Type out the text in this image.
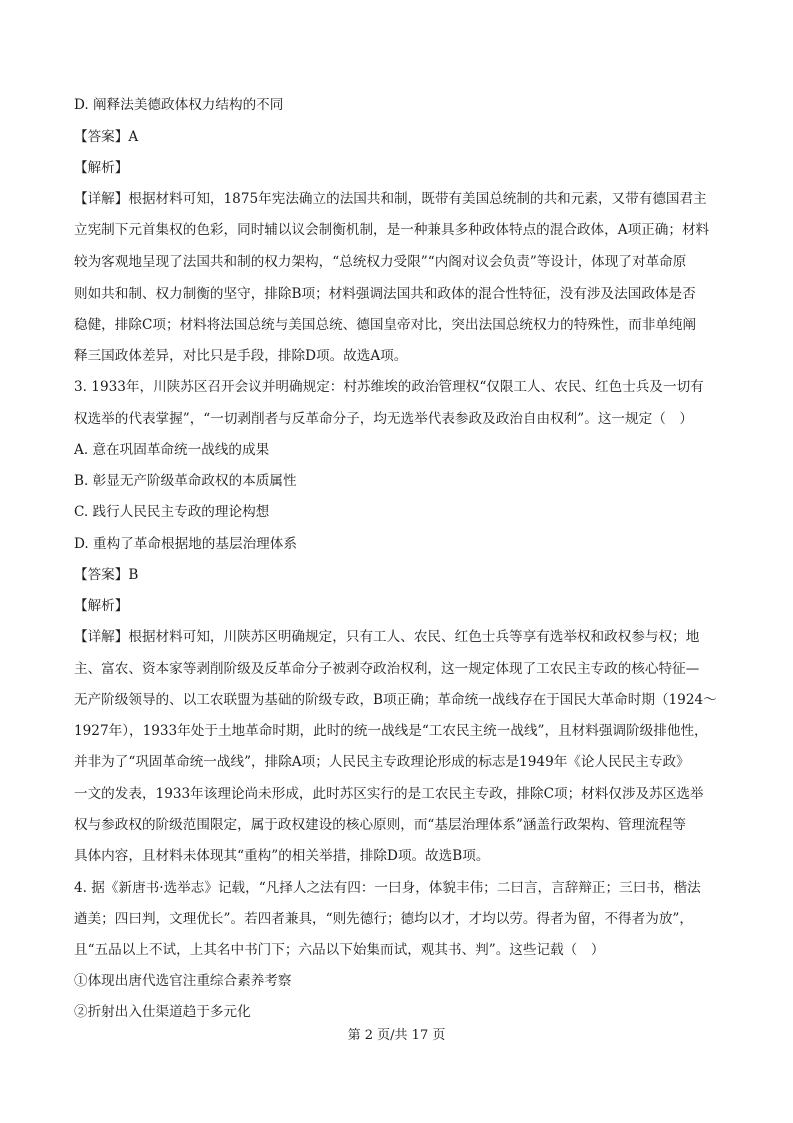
D. 阐释法美德政体权力结构的不同
【答案】A
【解析】
【详解】根据材料可知，1875年宪法确立的法国共和制，既带有美国总统制的共和元素，又带有德国君主
立宪制下元首集权的色彩，同时辅以议会制衡机制，是一种兼具多种政体特点的混合政体，A项正确；材料
较为客观地呈现了法国共和制的权力架构，“总统权力受限”“内阁对议会负责”等设计，体现了对革命原
则如共和制、权力制衡的坚守，排除B项；材料强调法国共和政体的混合性特征，没有涉及法国政体是否
稳健，排除C项；材料将法国总统与美国总统、德国皇帝对比，突出法国总统权力的特殊性，而非单纯阐
释三国政体差异，对比只是手段，排除D项。故选A项。
3. 1933年，川陕苏区召开会议并明确规定：村苏维埃的政治管理权“仅限工人、农民、红色士兵及一切有
权选举的代表掌握”，“一切剥削者与反革命分子，均无选举代表参政及政治自由权利”。这一规定（　）
A. 意在巩固革命统一战线的成果
B. 彰显无产阶级革命政权的本质属性
C. 践行人民民主专政的理论构想
D. 重构了革命根据地的基层治理体系
【答案】B
【解析】
【详解】根据材料可知，川陕苏区明确规定，只有工人、农民、红色士兵等享有选举权和政权参与权；地
主、富农、资本家等剥削阶级及反革命分子被剥夺政治权利，这一规定体现了工农民主专政的核心特征—
无产阶级领导的、以工农联盟为基础的阶级专政，B项正确；革命统一战线存在于国民大革命时期（1924～
1927年），1933年处于土地革命时期，此时的统一战线是“工农民主统一战线”，且材料强调阶级排他性，
并非为了“巩固革命统一战线”，排除A项；人民民主专政理论形成的标志是1949年《论人民民主专政》
一文的发表，1933年该理论尚未形成，此时苏区实行的是工农民主专政，排除C项；材料仅涉及苏区选举
权与参政权的阶级范围限定，属于政权建设的核心原则，而“基层治理体系”涵盖行政架构、管理流程等
具体内容，且材料未体现其“重构”的相关举措，排除D项。故选B项。
4. 据《新唐书·选举志》记载，“凡择人之法有四：一曰身，体貌丰伟；二曰言，言辞辩正；三曰书，楷法
遒美；四曰判，文理优长”。若四者兼具，“则先德行；德均以才，才均以劳。得者为留，不得者为放”，
且“五品以上不试，上其名中书门下；六品以下始集而试，观其书、判”。这些记载（　）
①体现出唐代选官注重综合素养考察
②折射出入仕渠道趋于多元化
第 2 页/共 17 页
